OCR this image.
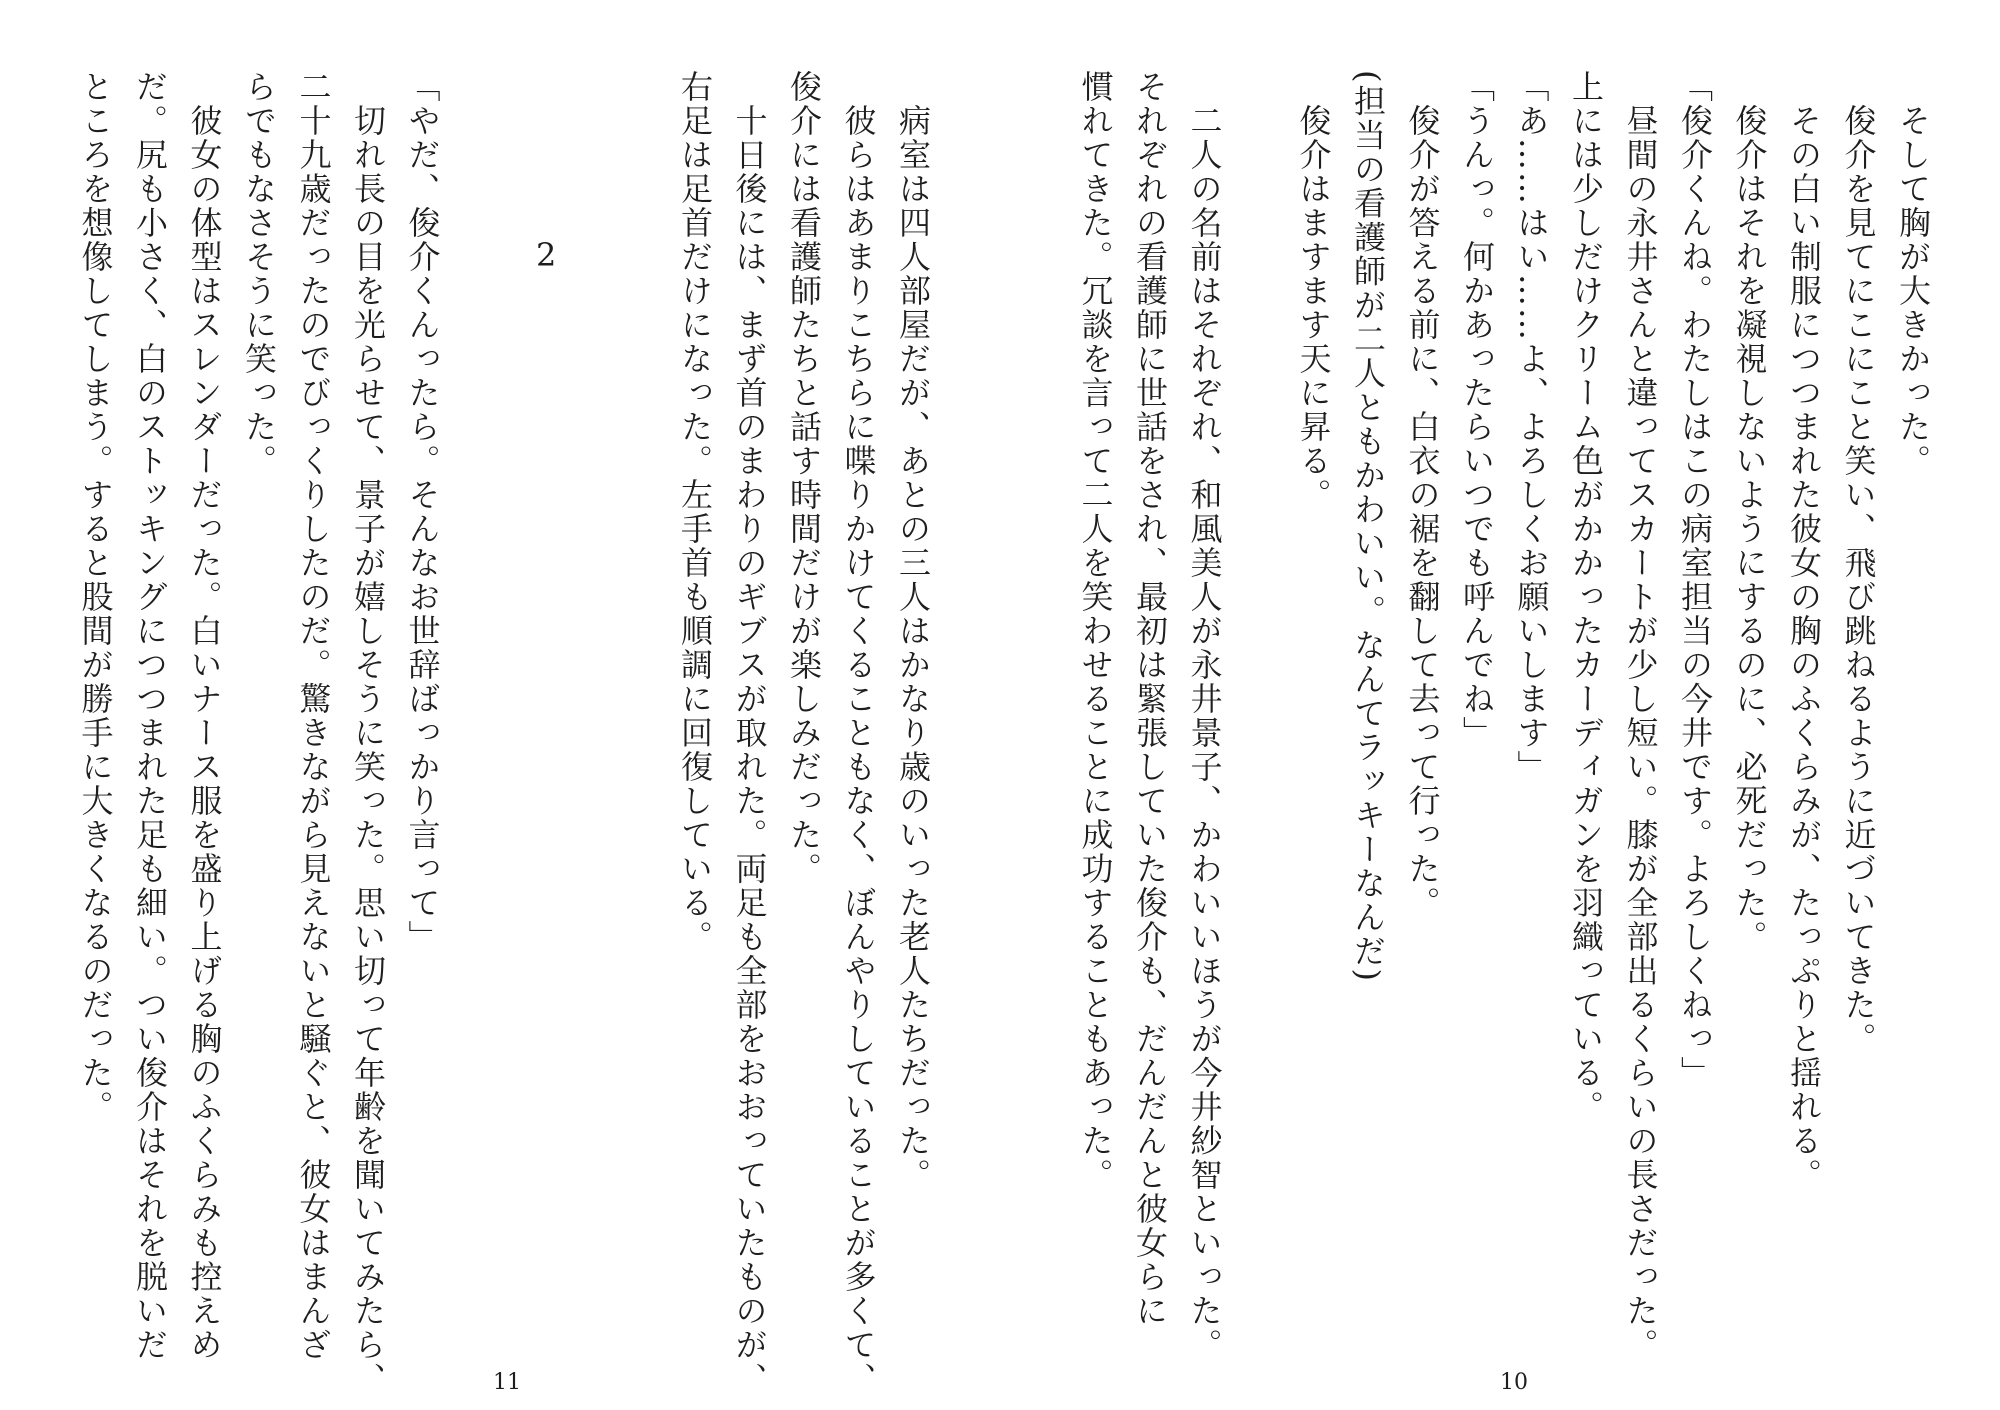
　そして胸が大きかった。
　俊介を見てにこにこと笑い、飛び跳ねるように近づいてきた。
　その白い制服につつまれた彼女の胸のふくらみが、たっぷりと揺れる。
　俊介はそれを凝視しないようにするのに、必死だった。
「俊介くんね。わたしはこの病室担当の今井です。よろしくねっ」
　昼間の永井さんと違ってスカートが少し短い。膝が全部出るくらいの長さだった。
上には少しだけクリーム色がかかったカーディガンを羽織っている。
「あ……はい……よ、よろしくお願いします」
「うんっ。何かあったらいつでも呼んでね」
　俊介が答える前に、白衣の裾を翻して去って行った。
(担当の看護師が二人ともかわいい。なんてラッキーなんだ)
　俊介はますます天に昇る。
　二人の名前はそれぞれ、和風美人が永井景子、かわいいほうが今井紗智といった。
それぞれの看護師に世話をされ、最初は緊張していた俊介も、だんだんと彼女らに
慣れてきた。冗談を言って二人を笑わせることに成功することもあった。
　病室は四人部屋だが、あとの三人はかなり歳のいった老人たちだった。
　彼らはあまりこちらに喋りかけてくることもなく、ぼんやりしていることが多くて、
俊介には看護師たちと話す時間だけが楽しみだった。
　十日後には、まず首のまわりのギブスが取れた。両足も全部をおおっていたものが、
右足は足首だけになった。左手首も順調に回復している。
「やだ、俊介くんったら。そんなお世辞ばっかり言って」
　切れ長の目を光らせて、景子が嬉しそうに笑った。思い切って年齢を聞いてみたら、
二十九歳だったのでびっくりしたのだ。驚きながら見えないと騒ぐと、彼女はまんざ
らでもなさそうに笑った。
　彼女の体型はスレンダーだった。白いナース服を盛り上げる胸のふくらみも控えめ
だ。尻も小さく、白のストッキングにつつまれた足も細い。つい俊介はそれを脱いだ
ところを想像してしまう。すると股間が勝手に大きくなるのだった。	2
11	10
